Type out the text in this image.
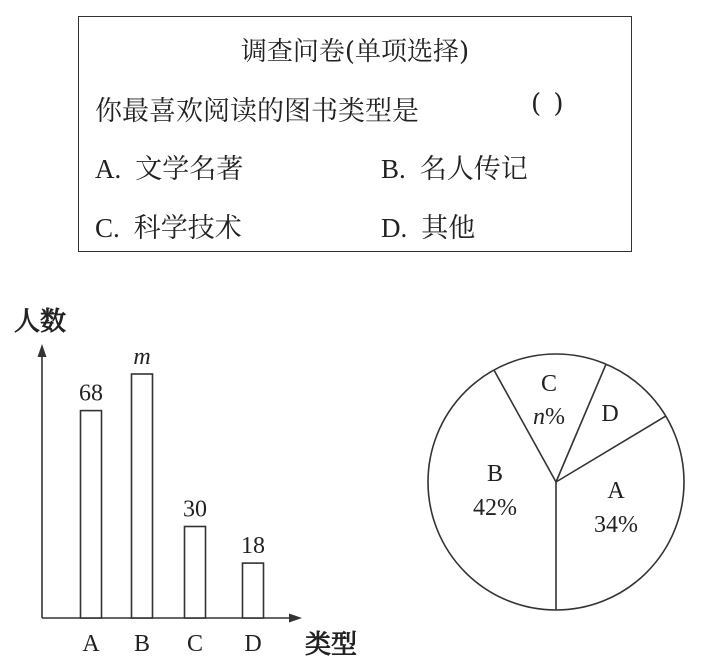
调查问卷(单项选择)
你最喜欢阅读的图书类型是	( )
A. 文学名著	B. 名人传记
C. 科学技术	D. 其他
人数
类型
68
A
m
B
30
C
18
D
A
34%
B
42%
C
n% D
